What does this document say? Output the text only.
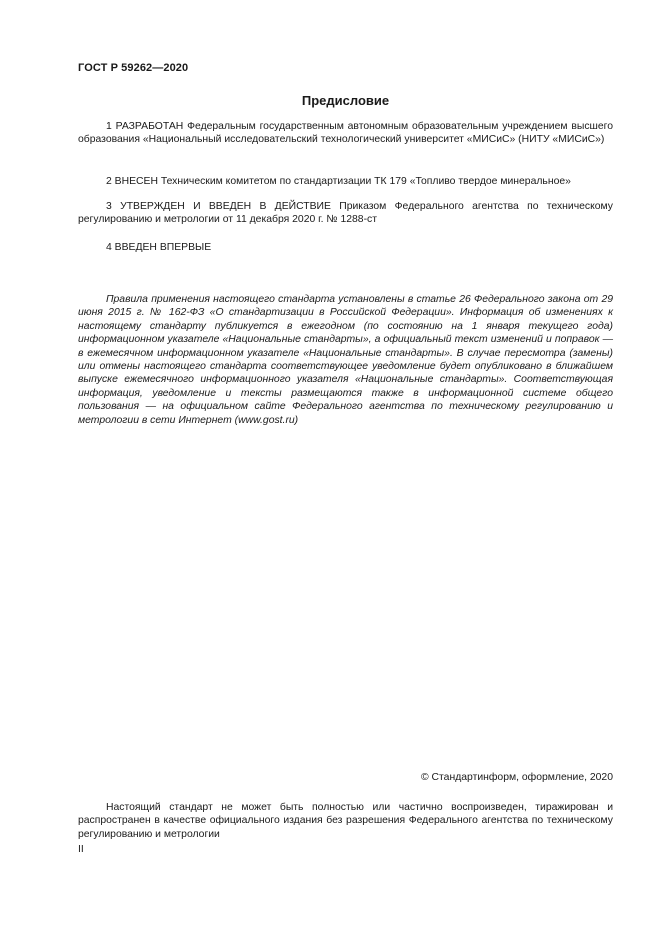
ГОСТ Р 59262—2020
Предисловие

1 РАЗРАБОТАН Федеральным государственным автономным образовательным учреждением высшего образования «Национальный исследовательский технологический университет «МИСиС» (НИТУ «МИСиС»)

2 ВНЕСЕН Техническим комитетом по стандартизации ТК 179 «Топливо твердое минеральное»

3 УТВЕРЖДЕН И ВВЕДЕН В ДЕЙСТВИЕ Приказом Федерального агентства по техническому регулированию и метрологии от 11 декабря 2020 г. № 1288-ст

4 ВВЕДЕН ВПЕРВЫЕ

Правила применения настоящего стандарта установлены в статье 26 Федерального закона от 29 июня 2015 г. № 162-ФЗ «О стандартизации в Российской Федерации». Информация об изменениях к настоящему стандарту публикуется в ежегодном (по состоянию на 1 января текущего года) информационном указателе «Национальные стандарты», а официальный текст изменений и поправок — в ежемесячном информационном указателе «Национальные стандарты». В случае пересмотра (замены) или отмены настоящего стандарта соответствующее уведомление будет опубликовано в ближайшем выпуске ежемесячного информационного указателя «Национальные стандарты». Соответствующая информация, уведомление и тексты размещаются также в информационной системе общего пользования — на официальном сайте Федерального агентства по техническому регулированию и метрологии в сети Интернет (www.gost.ru)

© Стандартинформ, оформление, 2020

Настоящий стандарт не может быть полностью или частично воспроизведен, тиражирован и распространен в качестве официального издания без разрешения Федерального агентства по техническому регулированию и метрологии

II
